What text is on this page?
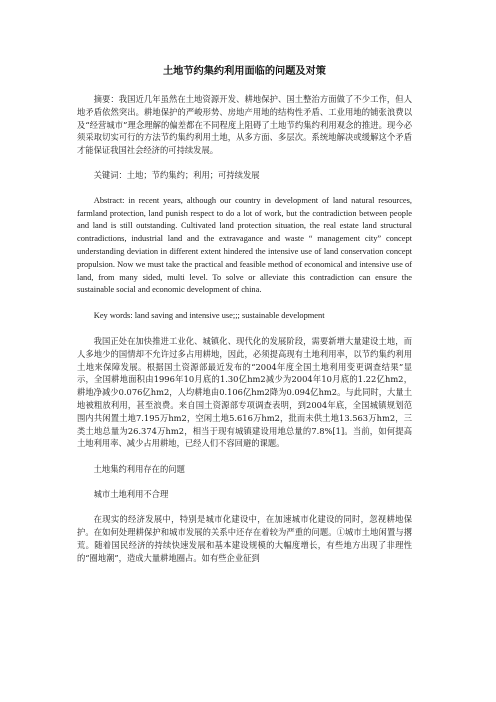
土地节约集约利用面临的问题及对策

摘要：我国近几年虽然在土地资源开发、耕地保护、国土整治方面做了不少工作，但人地矛盾依然突出。耕地保护的严峻形势、房地产用地的结构性矛盾、工业用地的铺张浪费以及“经营城市”理念理解的偏差都在不同程度上阻碍了土地节约集约利用观念的推进。现今必须采取切实可行的方法节约集约利用土地，从多方面、多层次。系统地解决或缓解这个矛盾才能保证我国社会经济的可持续发展。

关键词：土地；节约集约；利用；可持续发展

Abstract: in recent years, although our country in development of land natural resources, farmland protection, land punish respect to do a lot of work, but the contradiction between people and land is still outstanding. Cultivated land protection situation, the real estate land structural contradictions, industrial land and the extravagance and waste “ management city” concept understanding deviation in different extent hindered the intensive use of land conservation concept propulsion. Now we must take the practical and feasible method of economical and intensive use of land, from many sided, multi level. To solve or alleviate this contradiction can ensure the sustainable social and economic development of china.

Key words: land saving and intensive use;;; sustainable development

我国正处在加快推进工业化、城镇化、现代化的发展阶段，需要新增大量建设土地，而人多地少的国情却不允许过多占用耕地，因此，必须提高现有土地利用率，以节约集约利用土地来保障发展。根据国土资源部最近发布的“2004年度全国土地利用变更调查结果”显示，全国耕地面积由1996年10月底的1.30亿hm2减少为2004年10月底的1.22亿hm2，耕地净减少0.076亿hm2，人均耕地由0.106亿hm2降为0.094亿hm2。与此同时，大量土地被粗放利用，甚至浪费。来自国土资源部专项调查表明，到2004年底，全国城镇规划范围内共闲置土地7.195万hm2，空闲土地5.616万hm2，批而未供土地13.563万hm2，三类土地总量为26.374万hm2，相当于现有城镇建设用地总量的7.8%[1]。当前，如何提高土地利用率、减少占用耕地，已经人们不容回避的课题。

土地集约利用存在的问题

城市土地利用不合理

在现实的经济发展中，特别是城市化建设中，在加速城市化建设的同时，忽视耕地保护。在如何处理耕保护和城市发展的关系中还存在着较为严重的问题。①城市土地闲置与撂荒。随着国民经济的持续快速发展和基本建设规模的大幅度增长，有些地方出现了非理性的“圈地潮”，造成大量耕地圈占。如有些企业征到
